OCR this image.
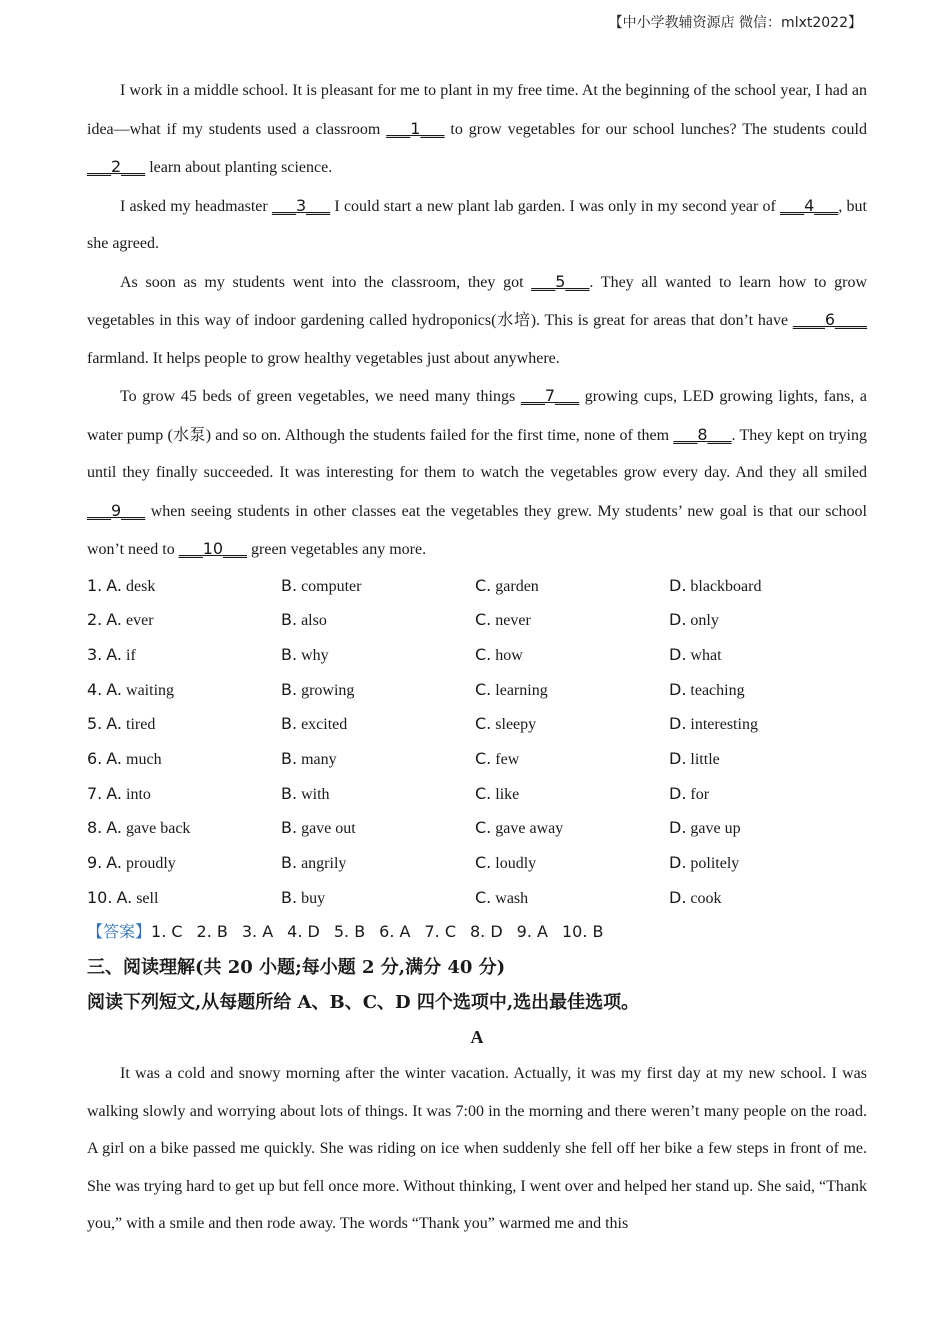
【中小学教辅资源店 微信：mlxt2022】

I work in a middle school. It is pleasant for me to plant in my free time. At the beginning of the school year, I had an idea—what if my students used a classroom ___1___ to grow vegetables for our school lunches? The students could ___2___ learn about planting science.

I asked my headmaster ___3___ I could start a new plant lab garden. I was only in my second year of ___4___, but she agreed.

As soon as my students went into the classroom, they got ___5___. They all wanted to learn how to grow vegetables in this way of indoor gardening called hydroponics(水培). This is great for areas that don’t have ____6____ farmland. It helps people to grow healthy vegetables just about anywhere.

To grow 45 beds of green vegetables, we need many things ___7___ growing cups, LED growing lights, fans, a water pump (水泵) and so on. Although the students failed for the first time, none of them ___8___. They kept on trying until they finally succeeded. It was interesting for them to watch the vegetables grow every day. And they all smiled ___9___ when seeing students in other classes eat the vegetables they grew. My students’ new goal is that our school won’t need to ___10___ green vegetables any more.

1. A. desk	B. computer	C. garden	D. blackboard
2. A. ever	B. also	C. never	D. only
3. A. if	B. why	C. how	D. what
4. A. waiting	B. growing	C. learning	D. teaching
5. A. tired	B. excited	C. sleepy	D. interesting
6. A. much	B. many	C. few	D. little
7. A. into	B. with	C. like	D. for
8. A. gave back	B. gave out	C. gave away	D. gave up
9. A. proudly	B. angrily	C. loudly	D. politely
10. A. sell	B. buy	C. wash	D. cook
【答案】1. C 2. B 3. A 4. D 5. B 6. A 7. C 8. D 9. A 10. B
三、阅读理解(共 20 小题;每小题 2 分,满分 40 分)
阅读下列短文,从每题所给 A、B、C、D 四个选项中,选出最佳选项。
A

It was a cold and snowy morning after the winter vacation. Actually, it was my first day at my new school. I was walking slowly and worrying about lots of things. It was 7:00 in the morning and there weren’t many people on the road. A girl on a bike passed me quickly. She was riding on ice when suddenly she fell off her bike a few steps in front of me. She was trying hard to get up but fell once more. Without thinking, I went over and helped her stand up. She said, “Thank you,” with a smile and then rode away. The words “Thank you” warmed me and this
